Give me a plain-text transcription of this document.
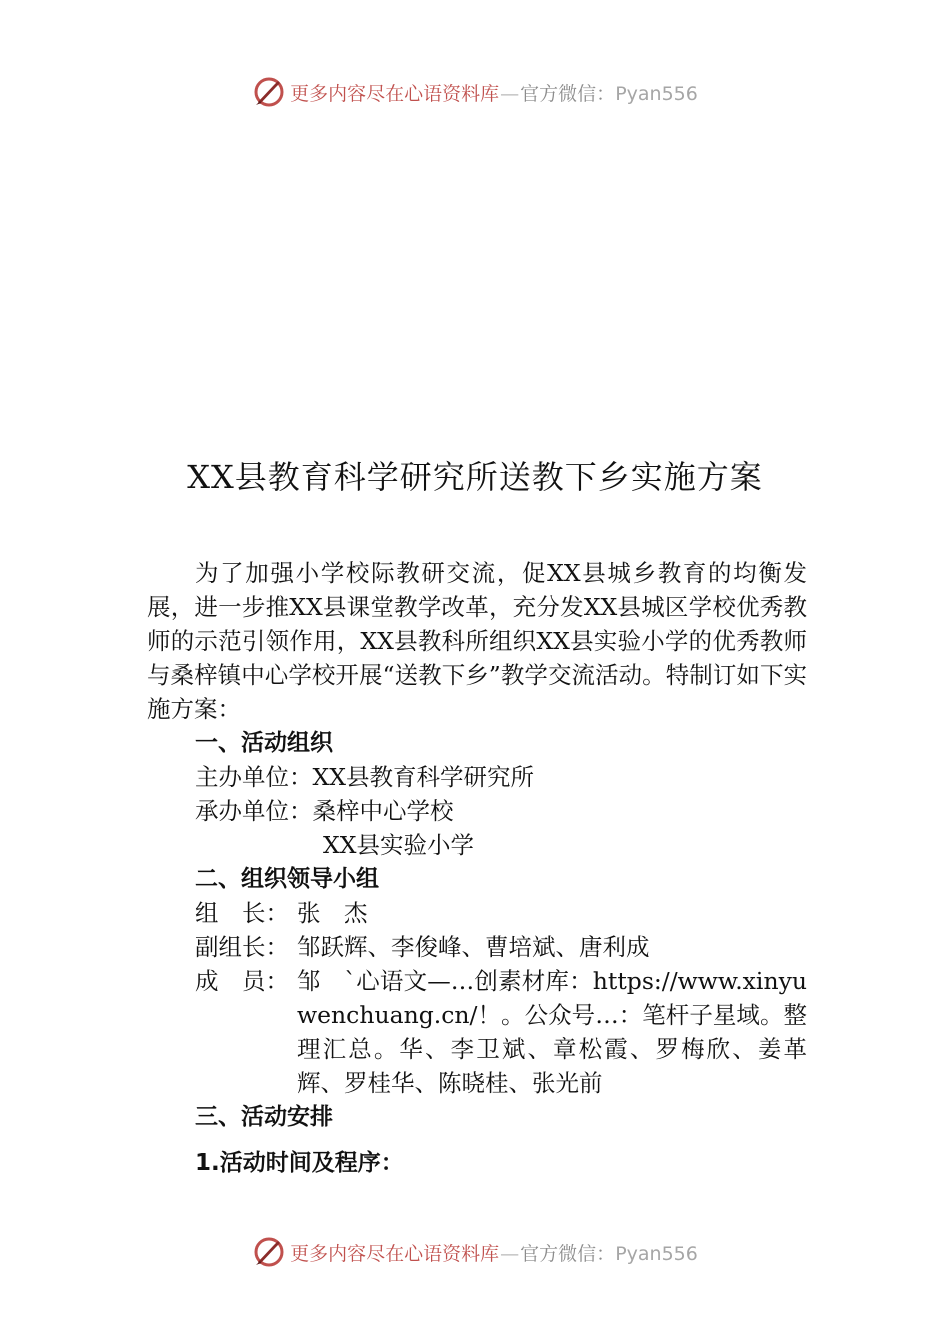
更多内容尽在心语资料库—官方微信：Pyan556
XX县教育科学研究所送教下乡实施方案

为了加强小学校际教研交流，促XX县城乡教育的均衡发展，进一步推XX县课堂教学改革，充分发XX县城区学校优秀教师的示范引领作用，XX县教科所组织XX县实验小学的优秀教师与桑梓镇中心学校开展“送教下乡”教学交流活动。特制订如下实施方案：

一、活动组织

主办单位：XX县教育科学研究所

承办单位：桑梓中心学校

XX县实验小学

二、组织领导小组

组　长： 张　杰
副组长： 邹跃辉、李俊峰、曹培斌、唐利成
成　员： 邹　`心语文—…创素材库：https://www.xinyuwenchuang.cn/！。公众号…：笔杆子星域。整理汇总。华、李卫斌、章松霞、罗梅欣、姜革辉、罗桂华、陈晓桂、张光前

三、活动安排

1.活动时间及程序：

更多内容尽在心语资料库—官方微信：Pyan556
